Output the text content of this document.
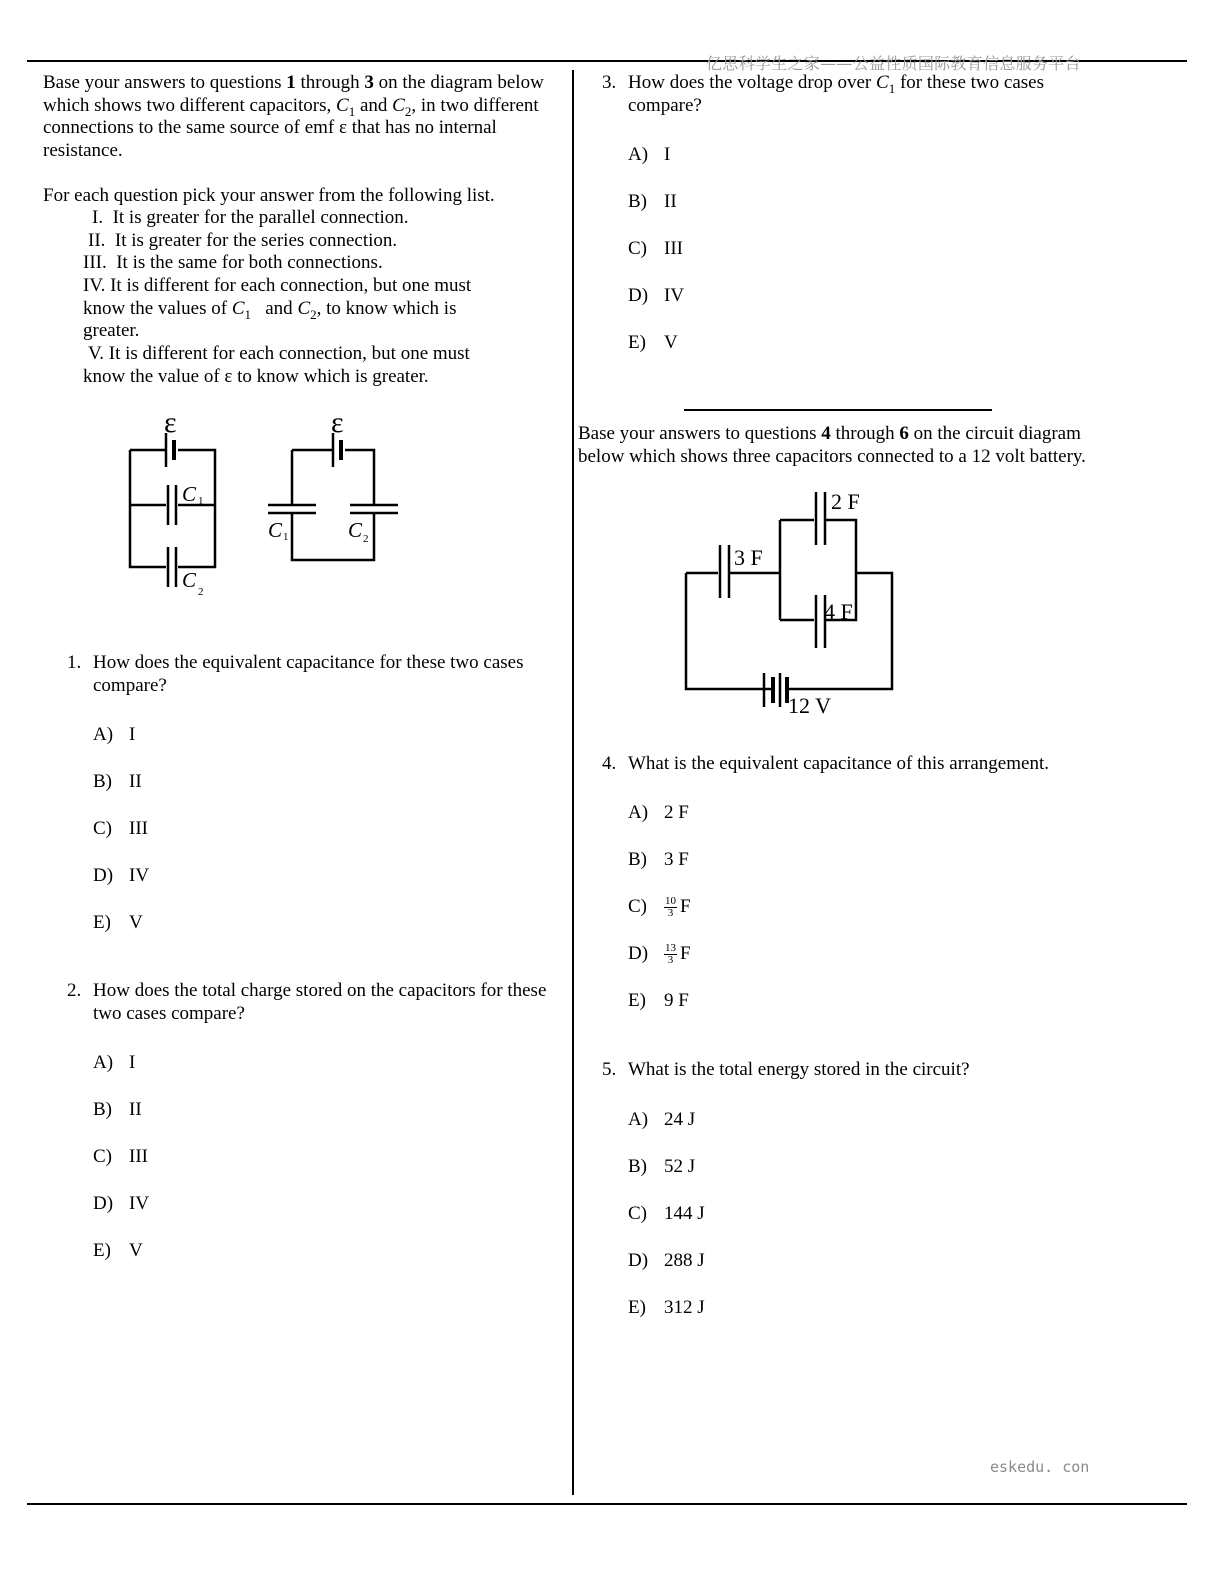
亿思科学生之家——公益性质国际教育信息服务平台
eskedu. con
Base your answers to questions 1 through 3 on the diagram below which shows two different capacitors, $C_1$ and $C_2$, in two different connections to the same source of emf ε that has no internal resistance.
For each question pick your answer from the following list.
I.  It is greater for the parallel connection.
II.  It is greater for the series connection.
III.  It is the same for both connections.
IV. It is different for each connection, but one must
know the values of $C_1$   and $C_2$, to know which is
greater.
V. It is different for each connection, but one must
know the value of ε to know which is greater.
ε	ε
C 1
C 2
C 1	C 2
1. How does the equivalent capacitance for these two cases
compare?
A) I
B) II
C) III
D) IV
E) V
2. How does the total charge stored on the capacitors for these
two cases compare?
A) I
B) II
C) III
D) IV
E) V
3. How does the voltage drop over $C_1$ for these two cases
compare?
A) I
B) II
C) III
D) IV
E) V
Base your answers to questions 4 through 6 on the circuit diagram
below which shows three capacitors connected to a 12 volt battery.
2 F
3 F
4 F
12 V
4. What is the equivalent capacitance of this arrangement.
A) 2 F
B) 3 F
$C) \frac{10}{3}$ F
$D) \frac{13}{3}$ F
E) 9 F
5. What is the total energy stored in the circuit?
A) 24 J
B) 52 J
C) 144 J
D) 288 J
E) 312 J
